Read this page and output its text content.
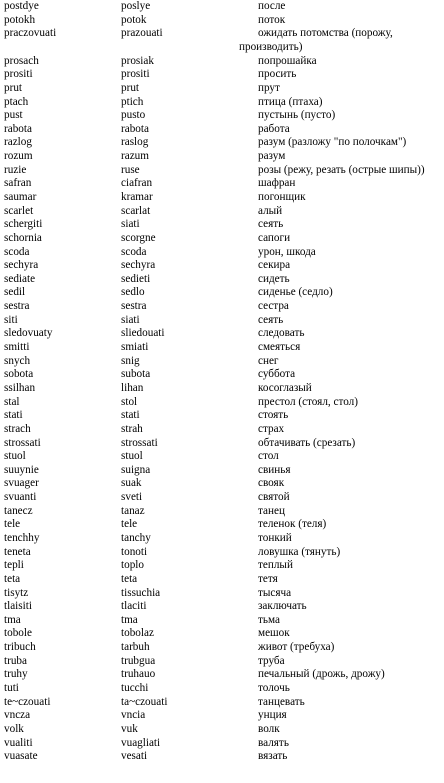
postdye	poslye	после
potokh	potok	поток
praczovuati	prazouati	ожидать потомства (порожу,
производить)
prosach	prosiak	попрошайка
prositi	prositi	просить
prut	prut	прут
ptach	ptich	птица (птаха)
pust	pusto	пустынь (пусто)
rabota	rabota	работа
razlog	raslog	разум (разложу "по полочкам")
rozum	razum	разум
ruzie	ruse	розы (режу, резать (острые шипы))
safran	ciafran	шафран
saumar	kramar	погонщик
scarlet	scarlat	алый
schergiti	siati	сеять
schornia	scorgne	сапоги
scoda	scoda	урон, шкода
sechyra	sechyra	секира
sediate	sedieti	сидеть
sedil	sedlo	сиденье (седло)
sestra	sestra	сестра
siti	siati	сеять
sledovuaty	sliedouati	следовать
smitti	smiati	смеяться
snych	snig	снег
sobota	subota	суббота
ssilhan	lihan	косоглазый
stal	stol	престол (стоял, стол)
stati	stati	стоять
strach	strah	страх
strossati	strossati	обтачивать (срезать)
stuol	stuol	стол
suuynie	suigna	свинья
svuager	suak	свояк
svuanti	sveti	святой
tanecz	tanaz	танец
tele	tele	теленок (теля)
tenchhy	tanchy	тонкий
teneta	tonoti	ловушка (тянуть)
tepli	toplo	теплый
teta	teta	тетя
tisytz	tissuchia	тысяча
tlaisiti	tlaciti	заключать
tma	tma	тьма
tobole	tobolaz	мешок
tribuch	tarbuh	живот (требуха)
truba	trubgua	труба
truhy	truhauo	печальный (дрожь, дрожу)
tuti	tucchi	толочь
te~czouati	ta~czouati	танцевать
vncza	vncia	унция
volk	vuk	волк
vualiti	vuagliati	валять
vuasate	vesati	вязать
